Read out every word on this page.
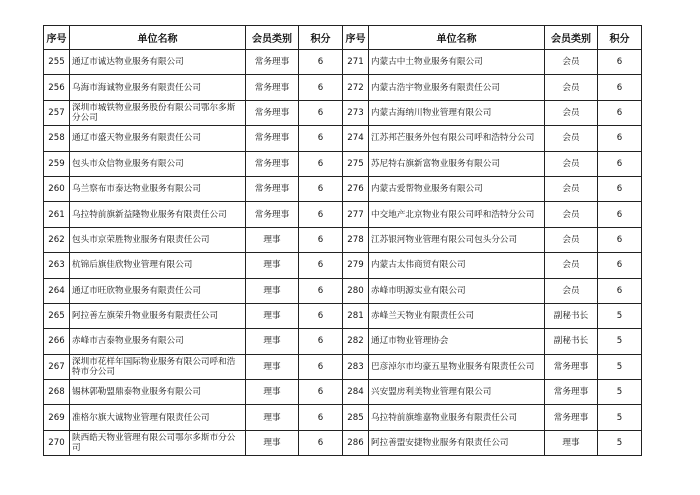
序号	单位名称	会员类别	积分	序号	单位名称	会员类别	积分
255	通辽市诚达物业服务有限公司	常务理事	6	271	内蒙古中土物业服务有限公司	会员	6
256	乌海市海诚物业服务有限责任公司	常务理事	6	272	内蒙古浩宇物业服务有限责任公司	会员	6
257	深圳市城铁物业服务股份有限公司鄂尔多斯分公司	常务理事	6	273	内蒙古海纳川物业管理有限公司	会员	6
258	通辽市盛天物业服务有限责任公司	常务理事	6	274	江苏邦芒服务外包有限公司呼和浩特分公司	会员	6
259	包头市众信物业服务有限公司	常务理事	6	275	苏尼特右旗新富物业服务有限公司	会员	6
260	乌兰察布市泰达物业服务有限公司	常务理事	6	276	内蒙古爱帮物业服务有限公司	会员	6
261	乌拉特前旗新益隆物业服务有限责任公司	常务理事	6	277	中交地产北京物业有限公司呼和浩特分公司	会员	6
262	包头市京荣胜物业服务有限责任公司	理事	6	278	江苏银河物业管理有限公司包头分公司	会员	6
263	杭锦后旗佳欣物业管理有限公司	理事	6	279	内蒙古太伟商贸有限公司	会员	6
264	通辽市旺欣物业服务有限责任公司	理事	6	280	赤峰市明源实业有限公司	会员	6
265	阿拉善左旗荣升物业服务有限责任公司	理事	6	281	赤峰兰天物业有限责任公司	副秘书长	5
266	赤峰市吉泰物业服务有限公司	理事	6	282	通辽市物业管理协会	副秘书长	5
267	深圳市花样年国际物业服务有限公司呼和浩特市分公司	理事	6	283	巴彦淖尔市均豪五星物业服务有限责任公司	常务理事	5
268	锡林郭勒盟鼎泰物业服务有限公司	理事	6	284	兴安盟房利美物业管理有限公司	常务理事	5
269	准格尔旗大诚物业管理有限责任公司	理事	6	285	乌拉特前旗维嘉物业服务有限责任公司	常务理事	5
270	陕西皓天物业管理有限公司鄂尔多斯市分公司	理事	6	286	阿拉善盟安捷物业服务有限责任公司	理事	5
